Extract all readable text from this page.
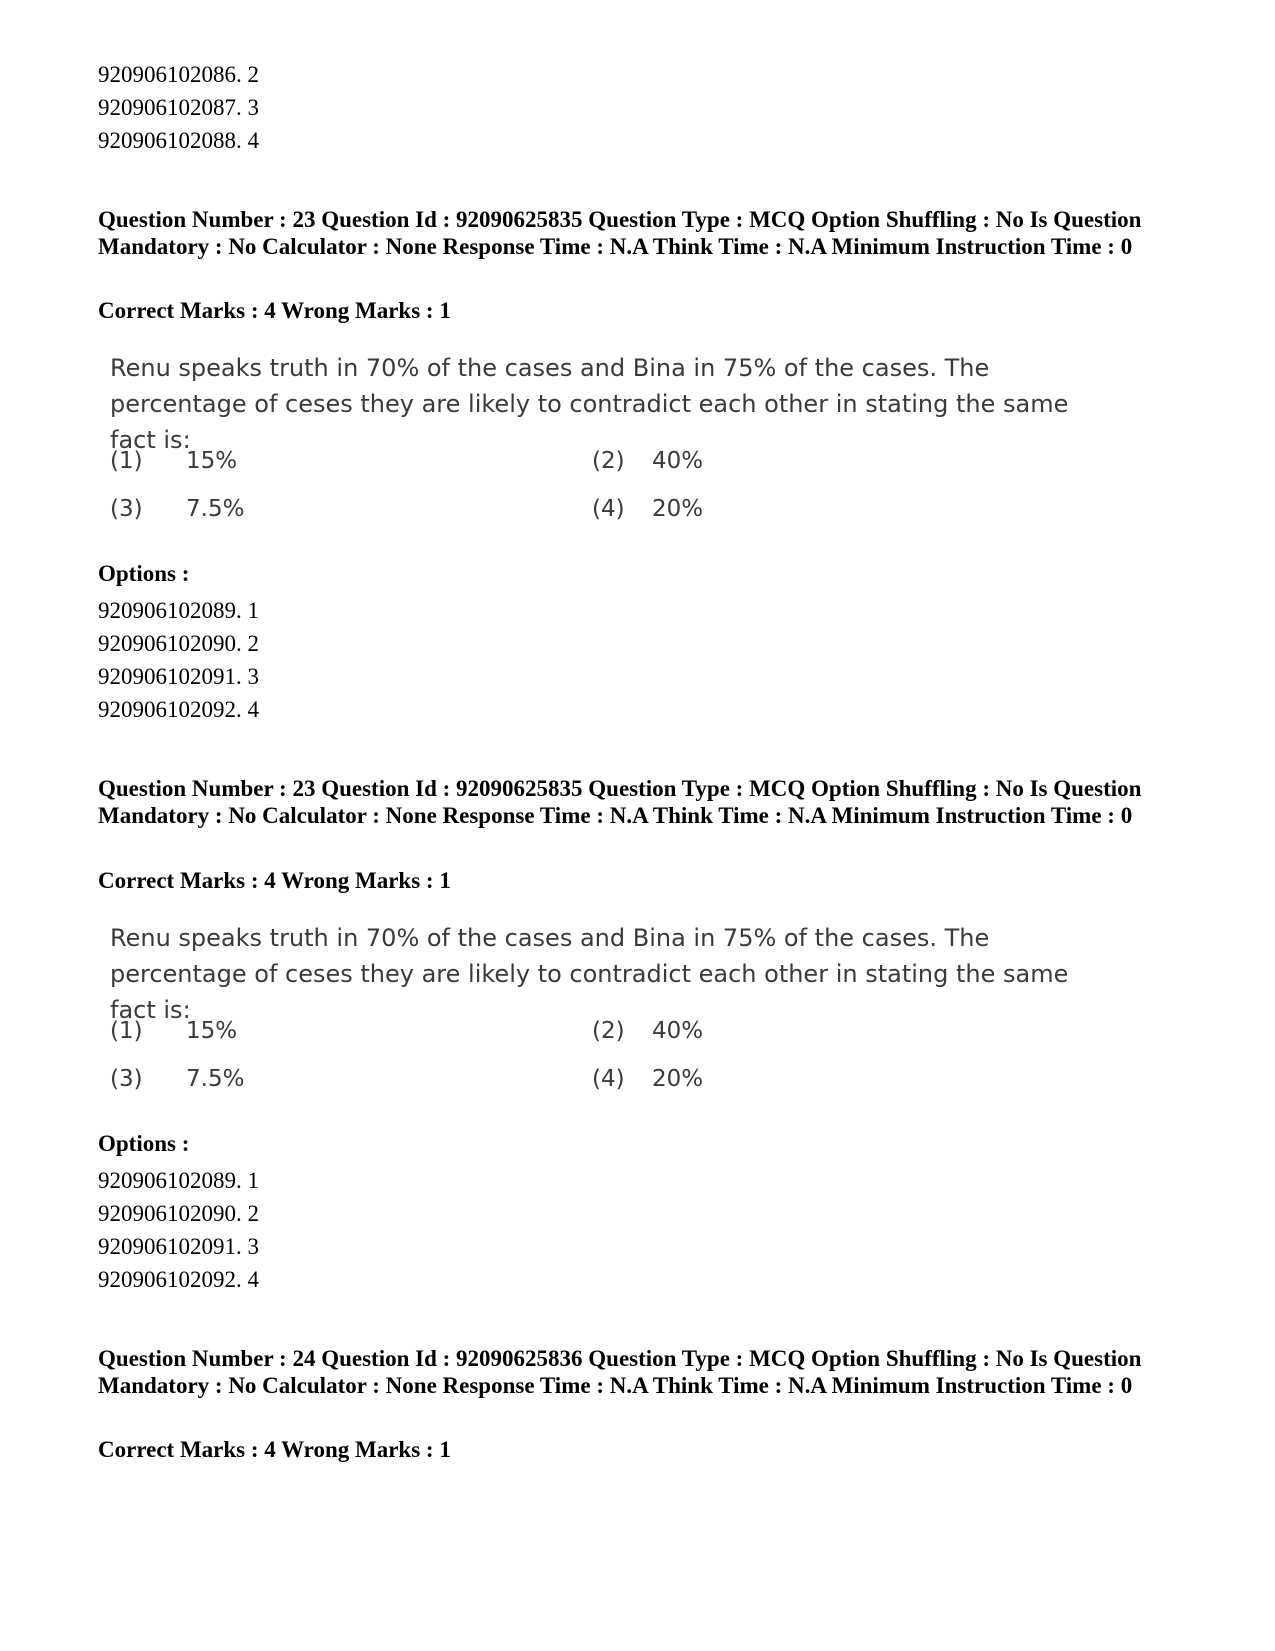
920906102086. 2
920906102087. 3
920906102088. 4
Question Number : 23 Question Id : 92090625835 Question Type : MCQ Option Shuffling : No Is Question Mandatory : No Calculator : None Response Time : N.A Think Time : N.A Minimum Instruction Time : 0
Correct Marks : 4 Wrong Marks : 1
Renu speaks truth in 70% of the cases and Bina in 75% of the cases. The percentage of ceses they are likely to contradict each other in stating the same fact is:
(1) 15%	(2) 40%
(3) 7.5%	(4) 20%
Options :
920906102089. 1
920906102090. 2
920906102091. 3
920906102092. 4
Question Number : 23 Question Id : 92090625835 Question Type : MCQ Option Shuffling : No Is Question Mandatory : No Calculator : None Response Time : N.A Think Time : N.A Minimum Instruction Time : 0
Correct Marks : 4 Wrong Marks : 1
Renu speaks truth in 70% of the cases and Bina in 75% of the cases. The percentage of ceses they are likely to contradict each other in stating the same fact is:
(1) 15%	(2) 40%
(3) 7.5%	(4) 20%
Options :
920906102089. 1
920906102090. 2
920906102091. 3
920906102092. 4
Question Number : 24 Question Id : 92090625836 Question Type : MCQ Option Shuffling : No Is Question Mandatory : No Calculator : None Response Time : N.A Think Time : N.A Minimum Instruction Time : 0
Correct Marks : 4 Wrong Marks : 1
